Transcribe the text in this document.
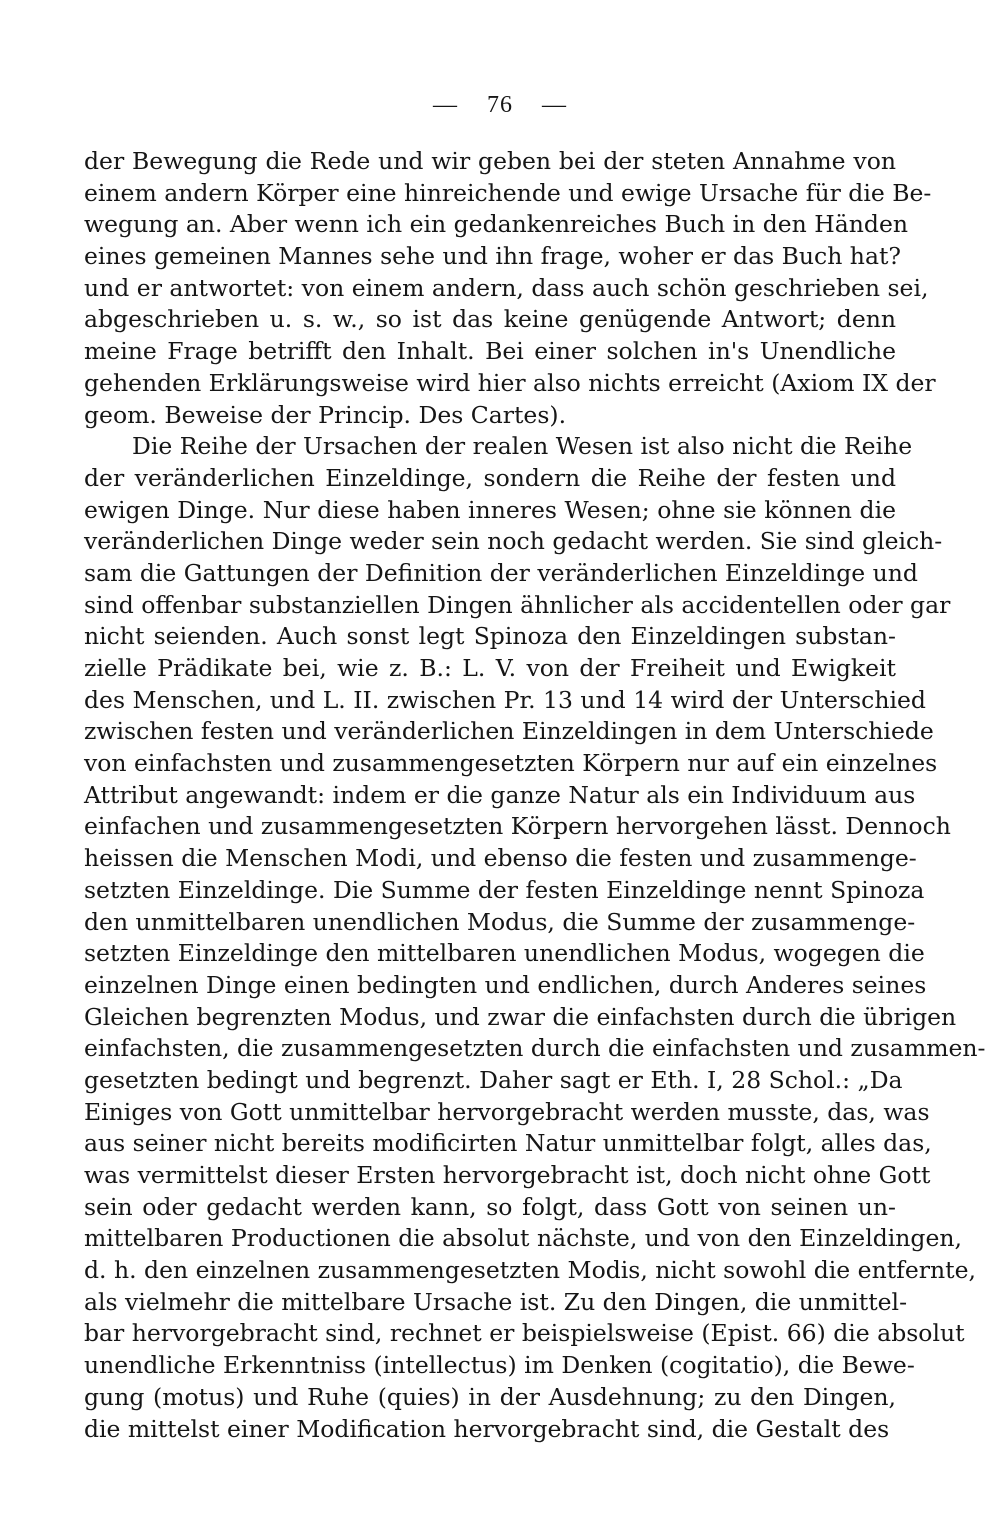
— 76 —
der Bewegung die Rede und wir geben bei der steten Annahme von
einem andern Körper eine hinreichende und ewige Ursache für die Be-
wegung an. Aber wenn ich ein gedankenreiches Buch in den Händen
eines gemeinen Mannes sehe und ihn frage, woher er das Buch hat?
und er antwortet: von einem andern, dass auch schön geschrieben sei,
abgeschrieben u. s. w., so ist das keine genügende Antwort; denn
meine Frage betrifft den Inhalt. Bei einer solchen in's Unendliche
gehenden Erklärungsweise wird hier also nichts erreicht (Axiom IX der
geom. Beweise der Princip. Des Cartes).
Die Reihe der Ursachen der realen Wesen ist also nicht die Reihe
der veränderlichen Einzeldinge, sondern die Reihe der festen und
ewigen Dinge. Nur diese haben inneres Wesen; ohne sie können die
veränderlichen Dinge weder sein noch gedacht werden. Sie sind gleich-
sam die Gattungen der Definition der veränderlichen Einzeldinge und
sind offenbar substanziellen Dingen ähnlicher als accidentellen oder gar
nicht seienden. Auch sonst legt Spinoza den Einzeldingen substan-
zielle Prädikate bei, wie z. B.: L. V. von der Freiheit und Ewigkeit
des Menschen, und L. II. zwischen Pr. 13 und 14 wird der Unterschied
zwischen festen und veränderlichen Einzeldingen in dem Unterschiede
von einfachsten und zusammengesetzten Körpern nur auf ein einzelnes
Attribut angewandt: indem er die ganze Natur als ein Individuum aus
einfachen und zusammengesetzten Körpern hervorgehen lässt. Dennoch
heissen die Menschen Modi, und ebenso die festen und zusammenge-
setzten Einzeldinge. Die Summe der festen Einzeldinge nennt Spinoza
den unmittelbaren unendlichen Modus, die Summe der zusammenge-
setzten Einzeldinge den mittelbaren unendlichen Modus, wogegen die
einzelnen Dinge einen bedingten und endlichen, durch Anderes seines
Gleichen begrenzten Modus, und zwar die einfachsten durch die übrigen
einfachsten, die zusammengesetzten durch die einfachsten und zusammen-
gesetzten bedingt und begrenzt. Daher sagt er Eth. I, 28 Schol.: „Da
Einiges von Gott unmittelbar hervorgebracht werden musste, das, was
aus seiner nicht bereits modificirten Natur unmittelbar folgt, alles das,
was vermittelst dieser Ersten hervorgebracht ist, doch nicht ohne Gott
sein oder gedacht werden kann, so folgt, dass Gott von seinen un-
mittelbaren Productionen die absolut nächste, und von den Einzeldingen,
d. h. den einzelnen zusammengesetzten Modis, nicht sowohl die entfernte,
als vielmehr die mittelbare Ursache ist. Zu den Dingen, die unmittel-
bar hervorgebracht sind, rechnet er beispielsweise (Epist. 66) die absolut
unendliche Erkenntniss (intellectus) im Denken (cogitatio), die Bewe-
gung (motus) und Ruhe (quies) in der Ausdehnung; zu den Dingen,
die mittelst einer Modification hervorgebracht sind, die Gestalt des
